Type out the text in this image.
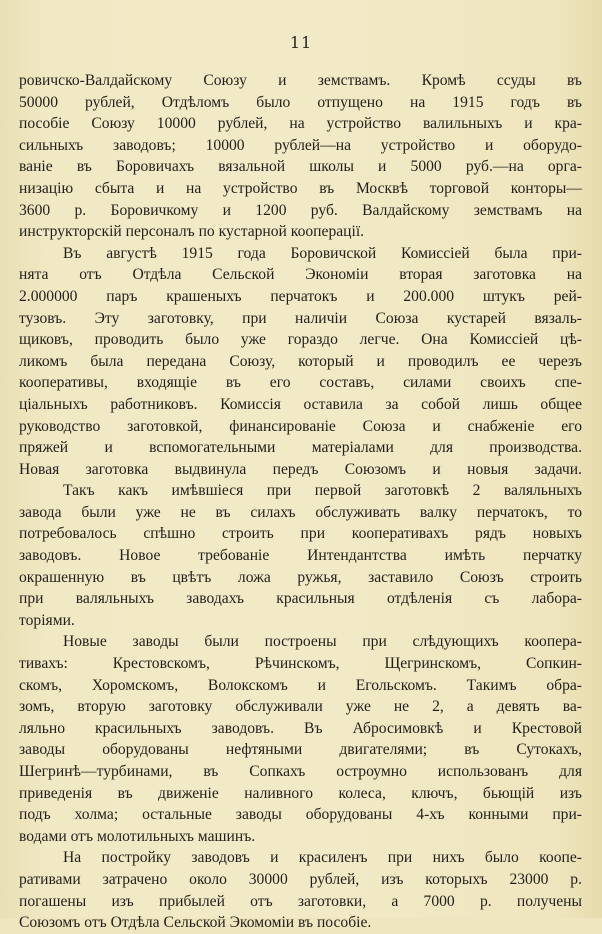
11
ровичско-Валдайскому Союзу и земствамъ. Кромѣ ссуды въ
50000 рублей, Отдѣломъ было отпущено на 1915 годъ въ
пособіе Союзу 10000 рублей, на устройство валильныхъ и кра-
сильныхъ заводовъ; 10000 рублей—на устройство и оборудо-
ваніе въ Боровичахъ вязальной школы и 5000 руб.—на орга-
низацію сбыта и на устройство въ Москвѣ торговой конторы—
3600 р. Боровичкому и 1200 руб. Валдайскому земствамъ на
инструкторскій персоналъ по кустарной кооперації.
Въ августѣ 1915 года Боровичской Комиссіей была при-
нята отъ Отдѣла Сельской Экономіи вторая заготовка на
2.000000 паръ крашеныхъ перчатокъ и 200.000 штукъ рей-
тузовъ. Эту заготовку, при наличіи Союза кустарей вязаль-
щиковъ, проводить было уже гораздо легче. Она Комиссіей цѣ-
ликомъ была передана Союзу, который и проводилъ ее черезъ
кооперативы, входящіе въ его составъ, силами своихъ спе-
ціальныхъ работниковъ. Комиссія оставила за собой лишь общее
руководство заготовкой, финансированіе Союза и снабженіе его
пряжей и вспомогательными матеріалами для производства.
Новая заготовка выдвинула передъ Союзомъ и новыя задачи.
Такъ какъ имѣвшіеся при первой заготовкѣ 2 валяльныхъ
завода были уже не въ силахъ обслуживать валку перчатокъ, то
потребовалось спѣшно строить при кооперативахъ рядъ новыхъ
заводовъ. Новое требованіе Интендантства имѣть перчатку
окрашенную въ цвѣтъ ложа ружья, заставило Союзъ строить
при валяльныхъ заводахъ красильныя отдѣленія съ лабора-
торіями.
Новые заводы были построены при слѣдующихъ коопера-
тивахъ: Крестовскомъ, Рѣчинскомъ, Щегринскомъ, Сопкин-
скомъ, Хоромскомъ, Волокскомъ и Егольскомъ. Такимъ обра-
зомъ, вторую заготовку обслуживали уже не 2, а девять ва-
ляльно красильныхъ заводовъ. Въ Абросимовкѣ и Крестовой
заводы оборудованы нефтяными двигателями; въ Сутокахъ,
Шегринѣ—турбинами, въ Сопкахъ остроумно использованъ для
приведенія въ движеніе наливного колеса, ключъ, бьющій изъ
подъ холма; остальные заводы оборудованы 4-хъ конными при-
водами отъ молотильныхъ машинъ.
На постройку заводовъ и красиленъ при нихъ было коопе-
ративами затрачено около 30000 рублей, изъ которыхъ 23000 р.
погашены изъ прибылей отъ заготовки, а 7000 р. получены
Союзомъ отъ Отдѣла Сельской Экомоміи въ пособіе.
